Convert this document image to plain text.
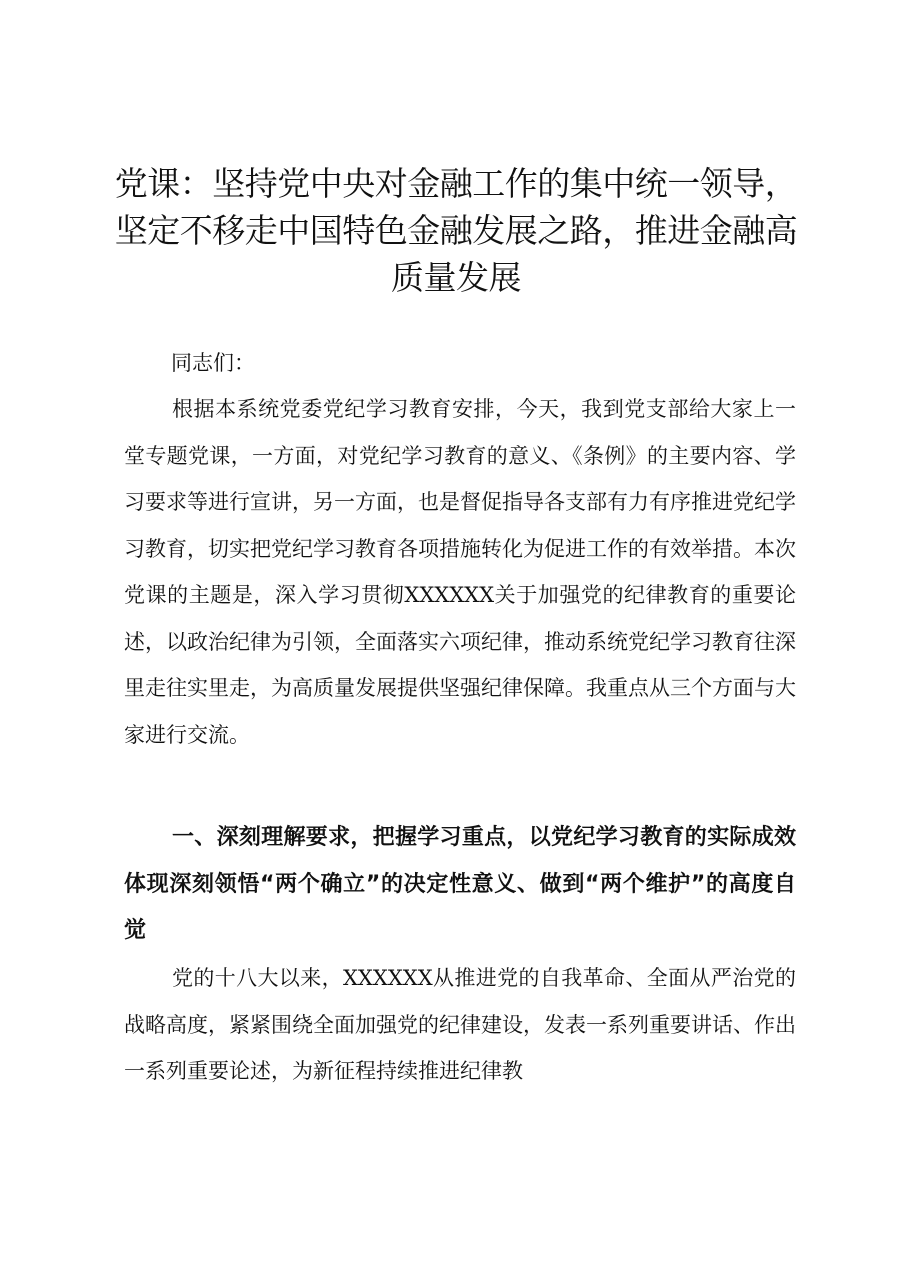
党课：坚持党中央对金融工作的集中统一领导，坚定不移走中国特色金融发展之路，推进金融高质量发展

同志们：

根据本系统党委党纪学习教育安排，今天，我到党支部给大家上一堂专题党课，一方面，对党纪学习教育的意义、《条例》的主要内容、学习要求等进行宣讲，另一方面，也是督促指导各支部有力有序推进党纪学习教育，切实把党纪学习教育各项措施转化为促进工作的有效举措。本次党课的主题是，深入学习贯彻XXXXXX关于加强党的纪律教育的重要论述，以政治纪律为引领，全面落实六项纪律，推动系统党纪学习教育往深里走往实里走，为高质量发展提供坚强纪律保障。我重点从三个方面与大家进行交流。

一、深刻理解要求，把握学习重点，以党纪学习教育的实际成效体现深刻领悟“两个确立”的决定性意义、做到“两个维护”的高度自觉

党的十八大以来，XXXXXX从推进党的自我革命、全面从严治党的战略高度，紧紧围绕全面加强党的纪律建设，发表一系列重要讲话、作出一系列重要论述，为新征程持续推进纪律教
